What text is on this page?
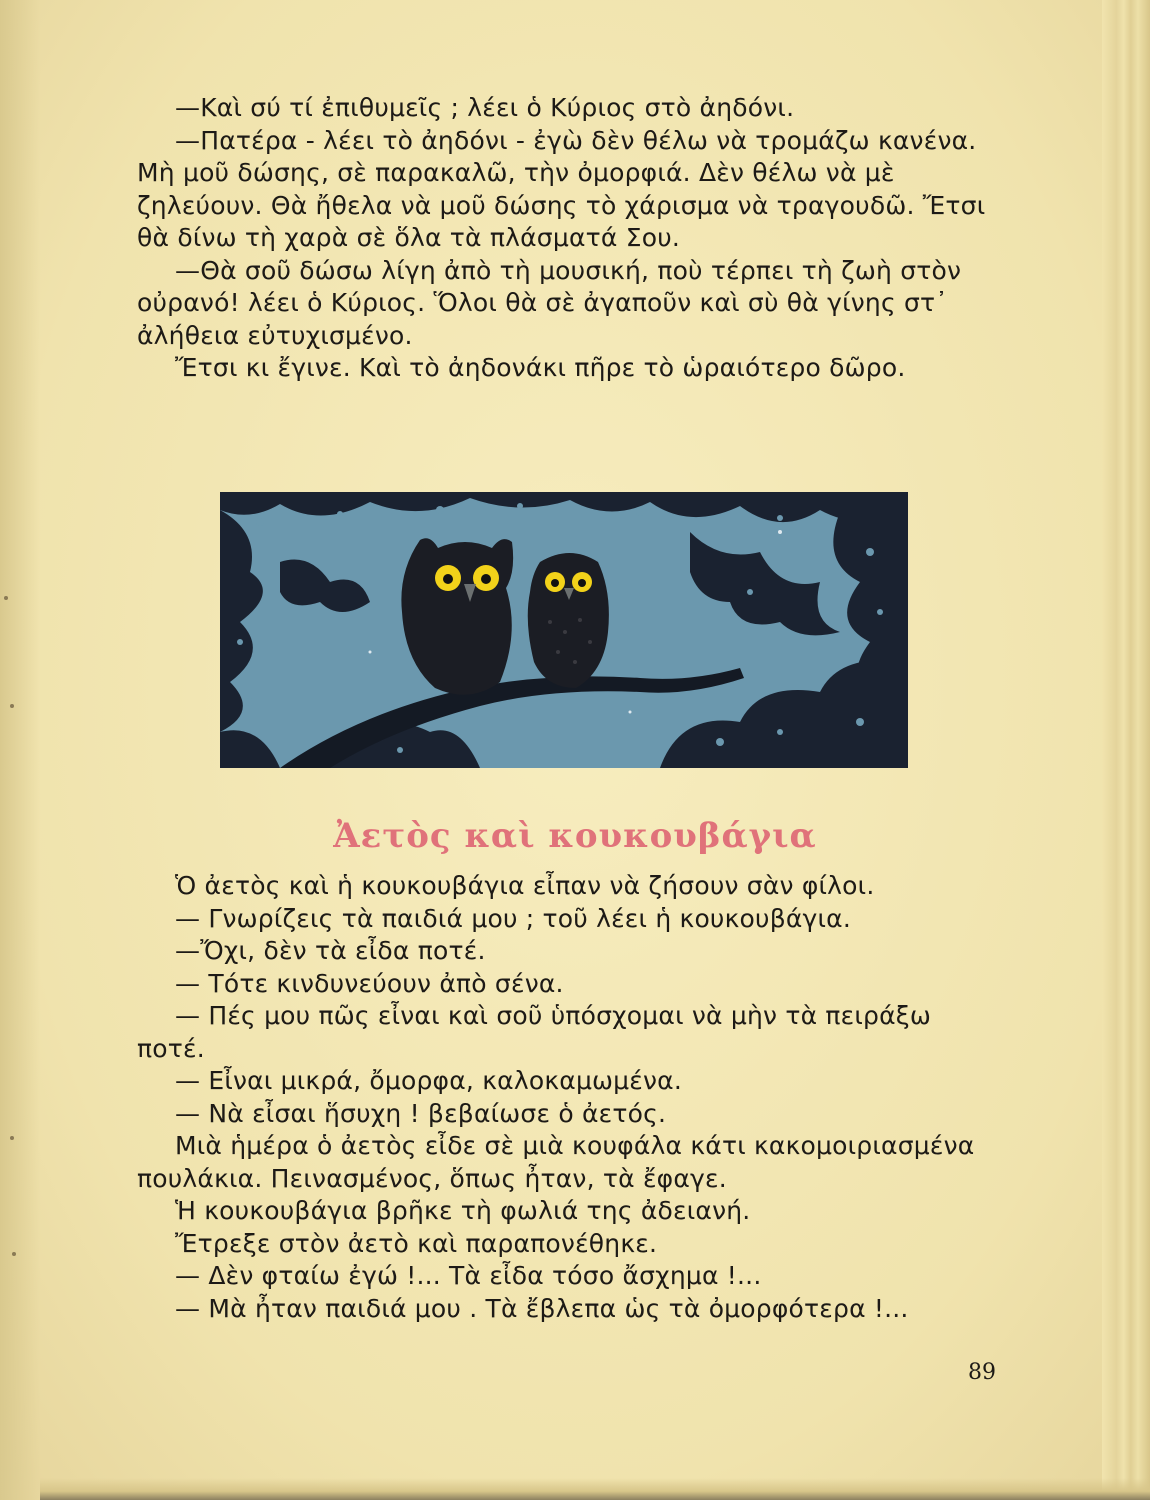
—Καὶ σύ τί ἐπιθυμεῖς ; λέει ὁ Κύριος στὸ ἀηδόνι.

—Πατέρα - λέει τὸ ἀηδόνι - ἐγὼ δὲν θέλω νὰ τρομάζω κανένα. Μὴ μοῦ δώσης, σὲ παρακαλῶ, τὴν ὀμορφιά. Δὲν θέλω νὰ μὲ ζηλεύουν. Θὰ ἤθελα νὰ μοῦ δώσης τὸ χάρισμα νὰ τραγουδῶ. Ἔτσι θὰ δίνω τὴ χαρὰ σὲ ὅλα τὰ πλάσματά Σου.

—Θὰ σοῦ δώσω λίγη ἀπὸ τὴ μουσική, ποὺ τέρπει τὴ ζωὴ στὸν οὐρανό! λέει ὁ Κύριος. Ὅλοι θὰ σὲ ἀγαποῦν καὶ σὺ θὰ γίνης στ᾽ ἀλήθεια εὐτυχισμένο.

Ἔτσι κι ἔγινε. Καὶ τὸ ἀηδονάκι πῆρε τὸ ὡραιότερο δῶρο.

Ἀετὸς καὶ κουκουβάγια

Ὁ ἀετὸς καὶ ἡ κουκουβάγια εἶπαν νὰ ζήσουν σὰν φίλοι.

— Γνωρίζεις τὰ παιδιά μου ; τοῦ λέει ἡ κουκουβάγια.

—Ὄχι, δὲν τὰ εἶδα ποτέ.

— Τότε κινδυνεύουν ἀπὸ σένα.

— Πές μου πῶς εἶναι καὶ σοῦ ὑπόσχομαι νὰ μὴν τὰ πειράξω ποτέ.

— Εἶναι μικρά, ὄμορφα, καλοκαμωμένα.

— Νὰ εἶσαι ἥσυχη ! βεβαίωσε ὁ ἀετός.

Μιὰ ἡμέρα ὁ ἀετὸς εἶδε σὲ μιὰ κουφάλα κάτι κακομοιριασμένα πουλάκια. Πεινασμένος, ὅπως ἦταν, τὰ ἔφαγε.

Ἡ κουκουβάγια βρῆκε τὴ φωλιά της ἀδειανή.

Ἔτρεξε στὸν ἀετὸ καὶ παραπονέθηκε.

— Δὲν φταίω ἐγώ !... Τὰ εἶδα τόσο ἄσχημα !...

— Μὰ ἦταν παιδιά μου . Τὰ ἔβλεπα ὡς τὰ ὀμορφότερα !...

89
